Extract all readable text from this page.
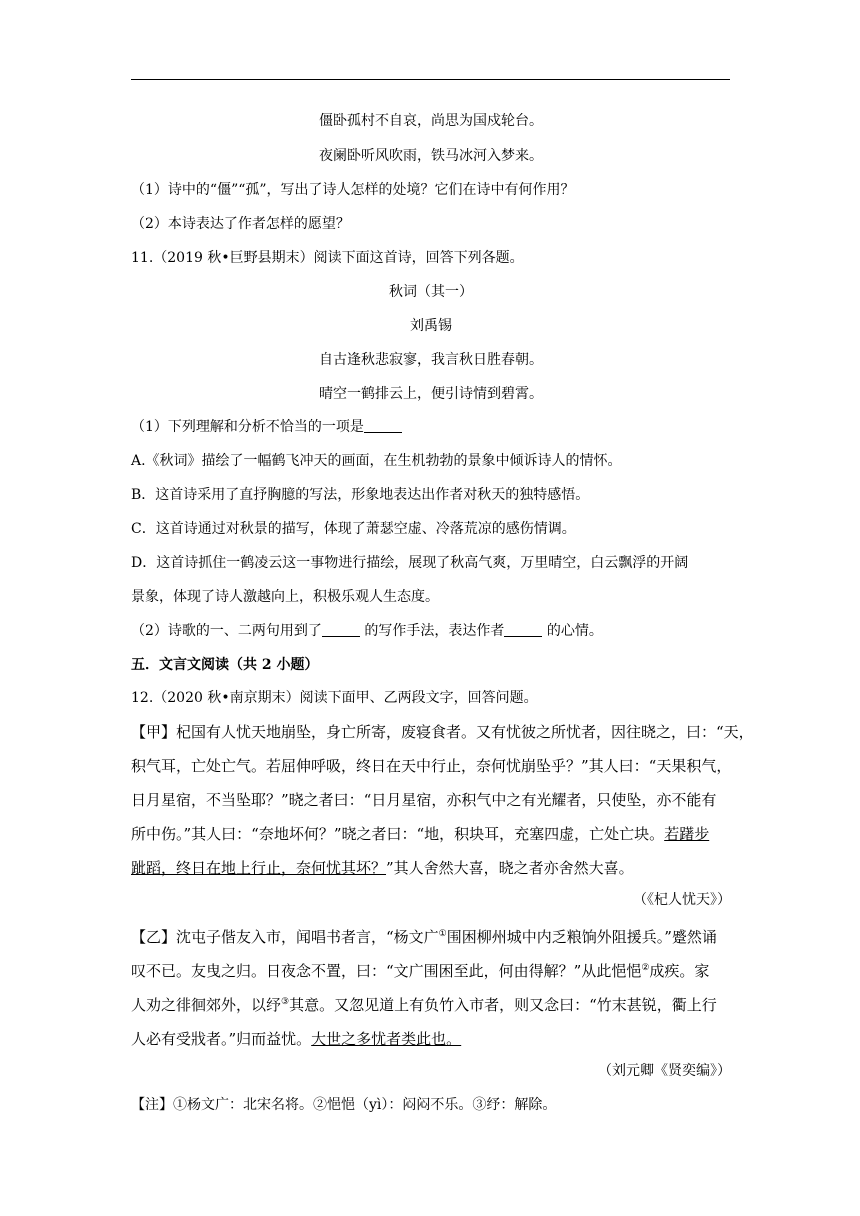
僵卧孤村不自哀，尚思为国戍轮台。
夜阑卧听风吹雨，铁马冰河入梦来。
（1）诗中的“僵”“孤”，写出了诗人怎样的处境？它们在诗中有何作用？
（2）本诗表达了作者怎样的愿望？
11.（2019 秋•巨野县期末）阅读下面这首诗，回答下列各题。
秋词（其一）
刘禹锡
自古逢秋悲寂寥，我言秋日胜春朝。
晴空一鹤排云上，便引诗情到碧霄。
（1）下列理解和分析不恰当的一项是
A.《秋词》描绘了一幅鹤飞冲天的画面，在生机勃勃的景象中倾诉诗人的情怀。
B．这首诗采用了直抒胸臆的写法，形象地表达出作者对秋天的独特感悟。
C．这首诗通过对秋景的描写，体现了萧瑟空虚、冷落荒凉的感伤情调。
D．这首诗抓住一鹤凌云这一事物进行描绘，展现了秋高气爽，万里晴空，白云飘浮的开阔
景象，体现了诗人激越向上，积极乐观人生态度。
（2）诗歌的一、二两句用到了	的写作手法，表达作者	的心情。
五．文言文阅读（共 2 小题）
12.（2020 秋•南京期末）阅读下面甲、乙两段文字，回答问题。
【甲】杞国有人忧天地崩坠，身亡所寄，废寝食者。又有忧彼之所忧者，因往晓之，曰：“天，
积气耳，亡处亡气。若屈伸呼吸，终日在天中行止，奈何忧崩坠乎？”其人曰：“天果积气，
日月星宿，不当坠耶？”晓之者曰：“日月星宿，亦积气中之有光耀者，只使坠，亦不能有
所中伤。”其人曰：“奈地坏何？”晓之者曰：“地，积块耳，充塞四虚，亡处亡块。若躇步
跐蹈，终日在地上行止，奈何忧其坏？”其人舍然大喜，晓之者亦舍然大喜。
（《杞人忧天》）
【乙】沈屯子偕友入市，闻唱书者言，“杨文广①围困柳州城中内乏粮饷外阻援兵。”蹙然诵
叹不已。友曳之归。日夜念不置，曰：“文广围困至此，何由得解？”从此悒悒②成疾。家
人劝之徘徊郊外，以纾③其意。又忽见道上有负竹入市者，则又念曰：“竹末甚锐，衢上行
人必有受戕者。”归而益忧。大世之多忧者类此也。
（刘元卿《贤奕编》）
【注】①杨文广：北宋名将。②悒悒（yì）：闷闷不乐。③纾：解除。
